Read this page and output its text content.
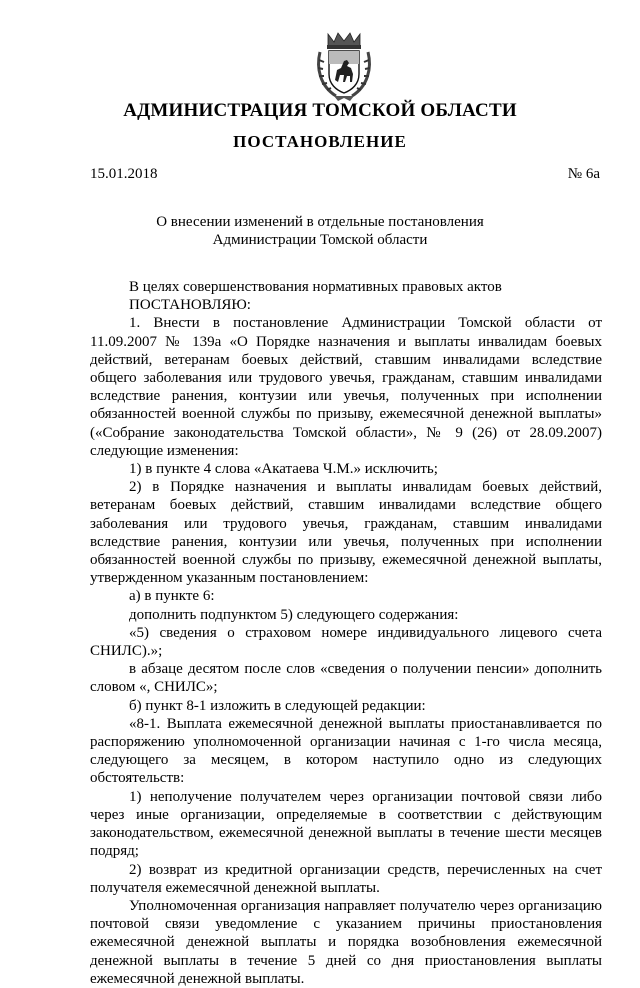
АДМИНИСТРАЦИЯ ТОМСКОЙ ОБЛАСТИ
ПОСТАНОВЛЕНИЕ

15.01.2018	№ 6а

О внесении изменений в отдельные постановления
Администрации Томской области

В целях совершенствования нормативных правовых актов

ПОСТАНОВЛЯЮ:

1. Внести в постановление Администрации Томской области от 11.09.2007 № 139а «О Порядке назначения и выплаты инвалидам боевых действий, ветеранам боевых действий, ставшим инвалидами вследствие общего заболевания или трудового увечья, гражданам, ставшим инвалидами вследствие ранения, контузии или увечья, полученных при исполнении обязанностей военной службы по призыву, ежемесячной денежной выплаты» («Собрание законодательства Томской области», № 9 (26) от 28.09.2007) следующие изменения:

1) в пункте 4 слова «Акатаева Ч.М.» исключить;

2) в Порядке назначения и выплаты инвалидам боевых действий, ветеранам боевых действий, ставшим инвалидами вследствие общего заболевания или трудового увечья, гражданам, ставшим инвалидами вследствие ранения, контузии или увечья, полученных при исполнении обязанностей военной службы по призыву, ежемесячной денежной выплаты, утвержденном указанным постановлением:

а) в пункте 6:

дополнить подпунктом 5) следующего содержания:

«5) сведения о страховом номере индивидуального лицевого счета СНИЛС).»;

в абзаце десятом после слов «сведения о получении пенсии» дополнить словом «, СНИЛС»;

б) пункт 8-1 изложить в следующей редакции:

«8-1. Выплата ежемесячной денежной выплаты приостанавливается по распоряжению уполномоченной организации начиная с 1-го числа месяца, следующего за месяцем, в котором наступило одно из следующих обстоятельств:

1) неполучение получателем через организации почтовой связи либо через иные организации, определяемые в соответствии с действующим законодательством, ежемесячной денежной выплаты в течение шести месяцев подряд;

2) возврат из кредитной организации средств, перечисленных на счет получателя ежемесячной денежной выплаты.

Уполномоченная организация направляет получателю через организацию почтовой связи уведомление с указанием причины приостановления ежемесячной денежной выплаты и порядка возобновления ежемесячной денежной выплаты в течение 5 дней со дня приостановления выплаты ежемесячной денежной выплаты.
